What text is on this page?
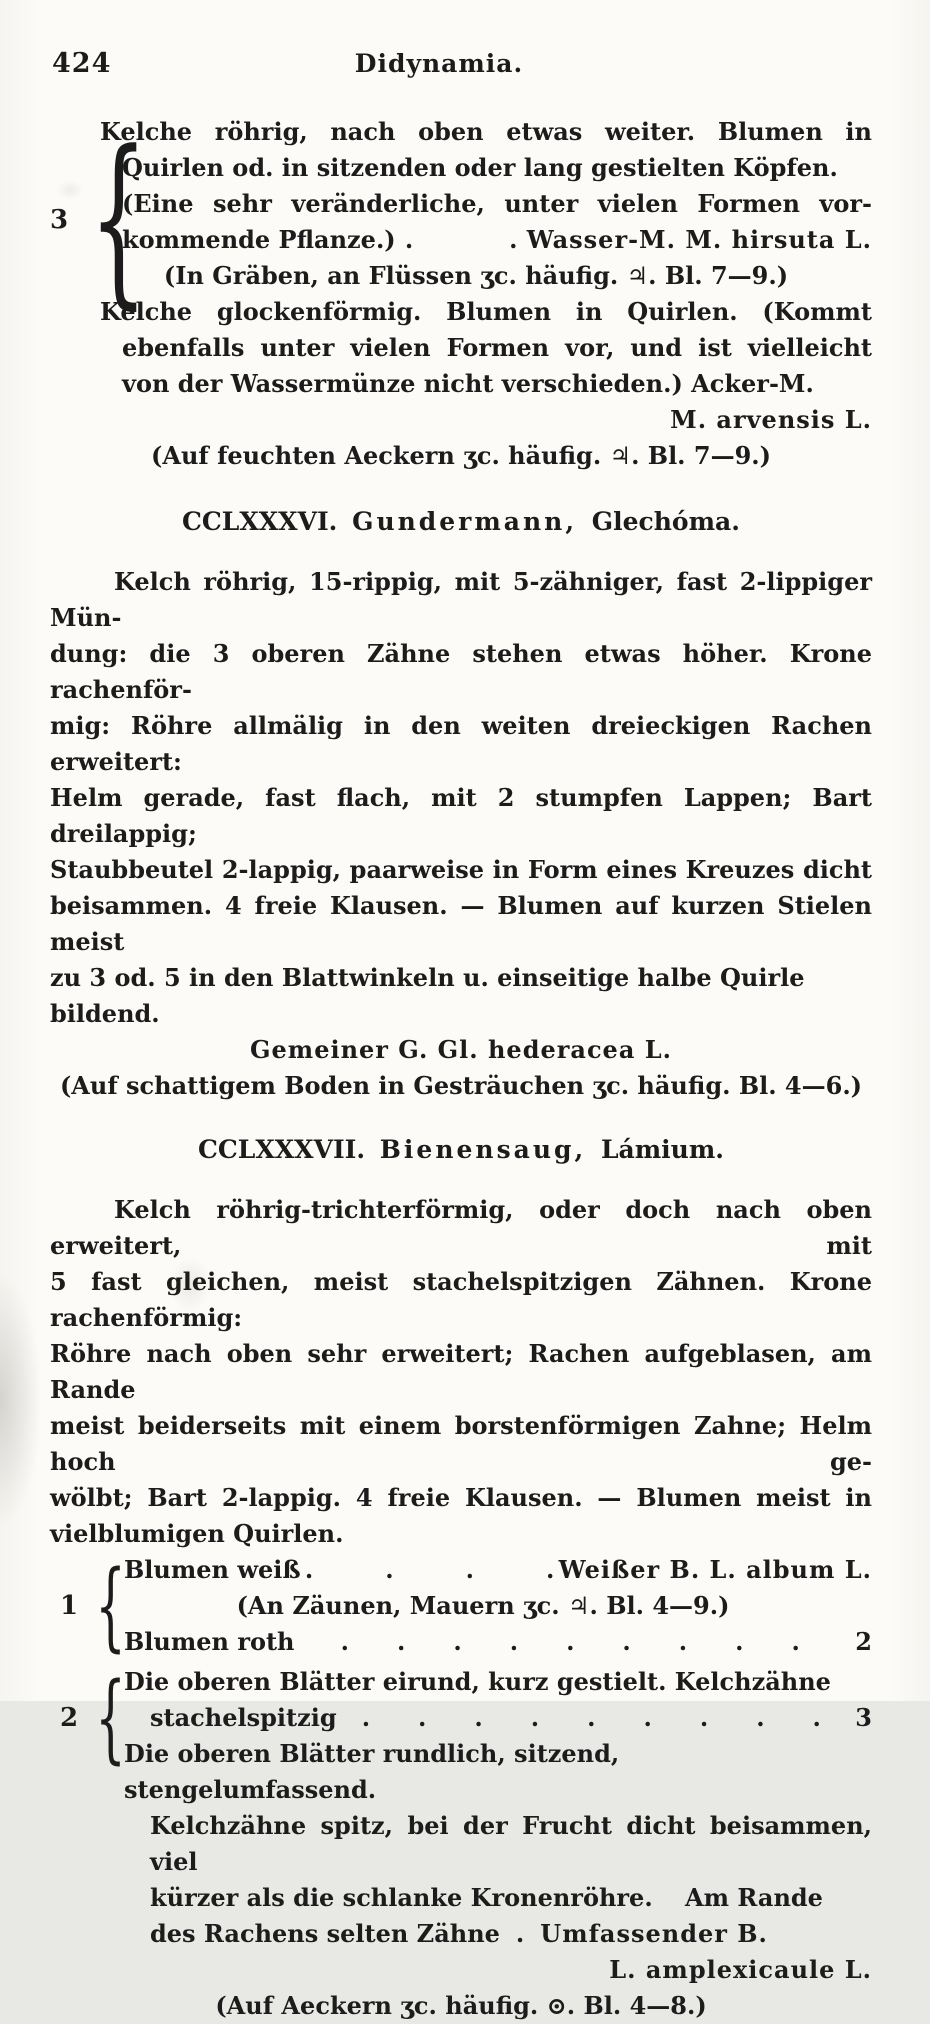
424	Didynamia.
3 {
Kelche röhrig, nach oben etwas weiter. Blumen in
Quirlen od. in sitzenden oder lang gestielten Köpfen.
(Eine sehr veränderliche, unter vielen Formen vor-
kommende Pflanze.) .    . Wasser-M. M. hirsuta L.
(In Gräben, an Flüssen ʒc. häufig. ♃. Bl. 7—9.)
Kelche glockenförmig. Blumen in Quirlen. (Kommt
ebenfalls unter vielen Formen vor, und ist vielleicht
von der Wassermünze nicht verschieden.) Acker-M.
M. arvensis L.
(Auf feuchten Aeckern ʒc. häufig. ♃. Bl. 7—9.)
CCLXXXVI. Gundermann, Glechóma.
Kelch röhrig, 15-rippig, mit 5-zähniger, fast 2-lippiger Mün-
dung: die 3 oberen Zähne stehen etwas höher. Krone rachenför-
mig: Röhre allmälig in den weiten dreieckigen Rachen erweitert:
Helm gerade, fast flach, mit 2 stumpfen Lappen; Bart dreilappig;
Staubbeutel 2-lappig, paarweise in Form eines Kreuzes dicht
beisammen. 4 freie Klausen. — Blumen auf kurzen Stielen meist
zu 3 od. 5 in den Blattwinkeln u. einseitige halbe Quirle bildend.
Gemeiner G. Gl. hederacea L.
(Auf schattigem Boden in Gesträuchen ʒc. häufig. Bl. 4—6.)
CCLXXXVII. Bienensaug, Lámium.
Kelch röhrig-trichterförmig, oder doch nach oben erweitert, mit
5 fast gleichen, meist stachelspitzigen Zähnen. Krone rachenförmig:
Röhre nach oben sehr erweitert; Rachen aufgeblasen, am Rande
meist beiderseits mit einem borstenförmigen Zahne; Helm hoch ge-
wölbt; Bart 2-lappig. 4 freie Klausen. — Blumen meist in
vielblumigen Quirlen.
1 {
Blumen weiß .   .   .   . Weißer B. L. album L.
(An Zäunen, Mauern ʒc. ♃. Bl. 4—9.)
Blumen roth	.  .  .  .  .  .  .  .  .	2
2 {
Die oberen Blätter eirund, kurz gestielt. Kelchzähne
stachelspitzig	.  .  .  .  .  .  .  .  .	3
Die oberen Blätter rundlich, sitzend, stengelumfassend.
Kelchzähne spitz, bei der Frucht dicht beisammen, viel
kürzer als die schlanke Kronenröhre.  Am Rande
des Rachens selten Zähne . Umfassender B.
L. amplexicaule L.
(Auf Aeckern ʒc. häufig. ⊙. Bl. 4—8.)
